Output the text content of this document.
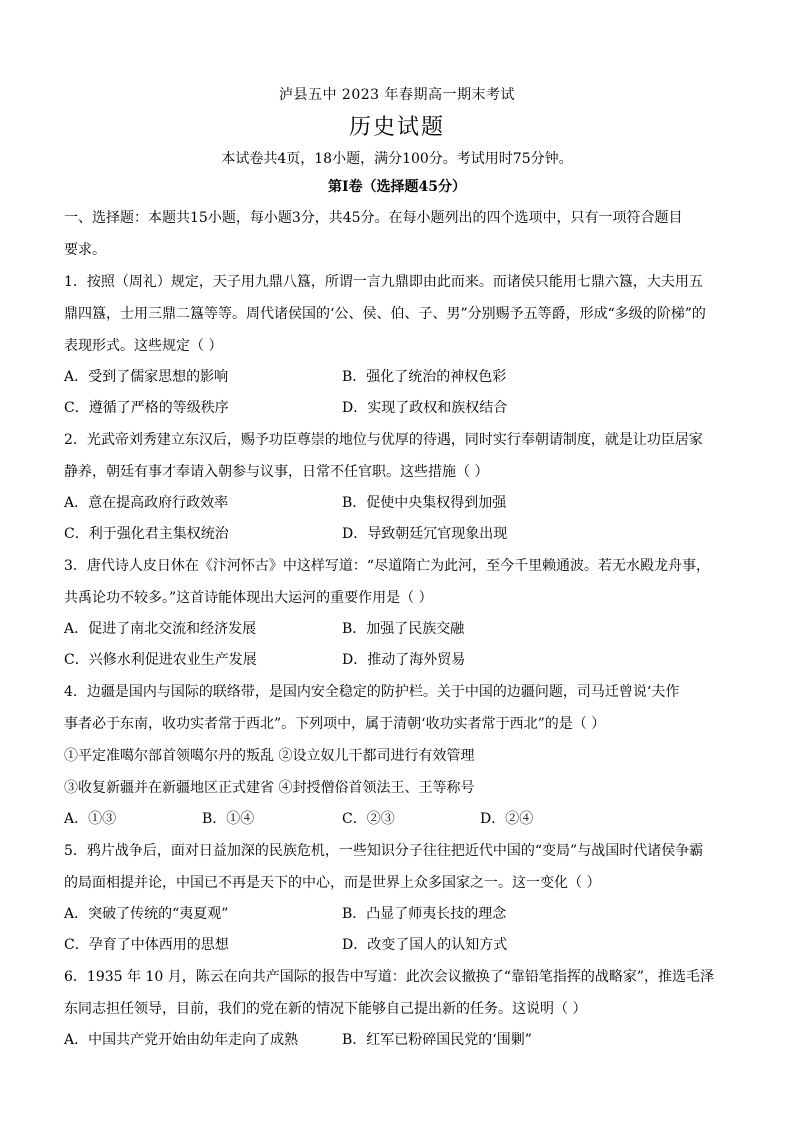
泸县五中 2023 年春期高一期末考试
历史试题
本试卷共4页，18小题，满分100分。考试用时75分钟。
第Ⅰ卷（选择题45分）
一、选择题：本题共15小题，每小题3分，共45分。在每小题列出的四个选项中，只有一项符合题目
要求。
1．按照（周礼）规定，天子用九鼎八簋，所谓一言九鼎即由此而来。而诸侯只能用七鼎六簋，大夫用五
鼎四簋，士用三鼎二簋等等。周代诸侯国的‘公、侯、伯、子、男”分别赐予五等爵，形成“多级的阶梯”的
表现形式。这些规定（ ）
A．受到了儒家思想的影响	B．强化了统治的神权色彩
C．遵循了严格的等级秩序	D．实现了政权和族权结合
2．光武帝刘秀建立东汉后，赐予功臣尊崇的地位与优厚的待遇，同时实行奉朝请制度，就是让功臣居家
静养，朝廷有事才奉请入朝参与议事，日常不任官职。这些措施（ ）
A．意在提高政府行政效率	B．促使中央集权得到加强
C．利于强化君主集权统治	D．导致朝廷冗官现象出现
3．唐代诗人皮日休在《汴河怀古》中这样写道：“尽道隋亡为此河，至今千里赖通波。若无水殿龙舟事，
共禹论功不较多。”这首诗能体现出大运河的重要作用是（ ）
A．促进了南北交流和经济发展	B．加强了民族交融
C．兴修水利促进农业生产发展	D．推动了海外贸易
4．边疆是国内与国际的联络带，是国内安全稳定的防护栏。关于中国的边疆问题，司马迁曾说‘夫作
事者必于东南，收功实者常于西北”。下列项中，属于清朝‘收功实者常于西北”的是（ ）
①平定准噶尔部首领噶尔丹的叛乱 ②设立奴儿干都司进行有效管理
③收复新疆并在新疆地区正式建省 ④封授僧俗首领法王、王等称号
A．①③	B．①④	C．②③	D．②④
5．鸦片战争后，面对日益加深的民族危机，一些知识分子往往把近代中国的“变局”与战国时代诸侯争霸
的局面相提并论，中国已不再是天下的中心，而是世界上众多国家之一。这一变化（ ）
A．突破了传统的“夷夏观”	B．凸显了师夷长技的理念
C．孕育了中体西用的思想	D．改变了国人的认知方式
6．1935 年 10 月，陈云在向共产国际的报告中写道：此次会议撤换了“靠铅笔指挥的战略家”，推选毛泽
东同志担任领导，目前，我们的党在新的情况下能够自己提出新的任务。这说明（ ）
A．中国共产党开始由幼年走向了成熟	B．红军已粉碎国民党的‘围剿”
